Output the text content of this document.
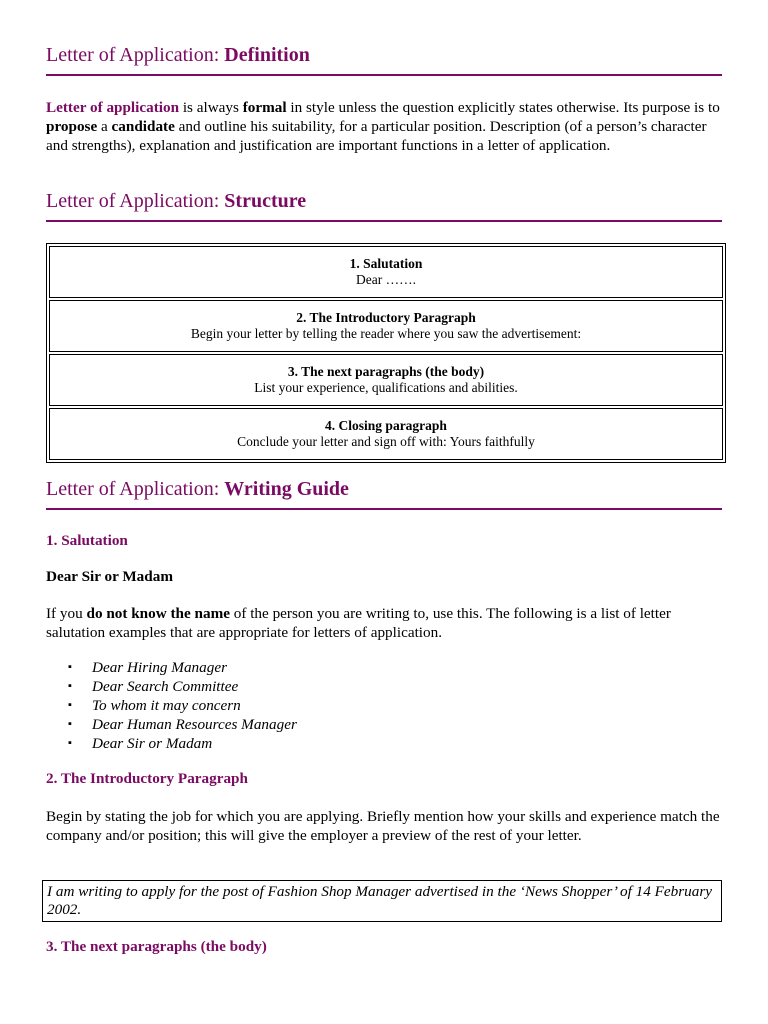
Letter of Application: Definition
Letter of application is always formal in style unless the question explicitly states otherwise. Its purpose is to propose a candidate and outline his suitability, for a particular position. Description (of a person’s character and strengths), explanation and justification are important functions in a letter of application.
Letter of Application: Structure
1. Salutation
Dear …….
2. The Introductory Paragraph
Begin your letter by telling the reader where you saw the advertisement:
3. The next paragraphs (the body)
List your experience, qualifications and abilities.
4. Closing paragraph
Conclude your letter and sign off with: Yours faithfully
Letter of Application: Writing Guide
1. Salutation
Dear Sir or Madam
If you do not know the name of the person you are writing to, use this. The following is a list of letter salutation examples that are appropriate for letters of application.
▪ Dear Hiring Manager
▪ Dear Search Committee
▪ To whom it may concern
▪ Dear Human Resources Manager
▪ Dear Sir or Madam
2. The Introductory Paragraph
Begin by stating the job for which you are applying. Briefly mention how your skills and experience match the company and/or position; this will give the employer a preview of the rest of your letter.
I am writing to apply for the post of Fashion Shop Manager advertised in the ‘News Shopper’ of 14 February 2002.
3. The next paragraphs (the body)
